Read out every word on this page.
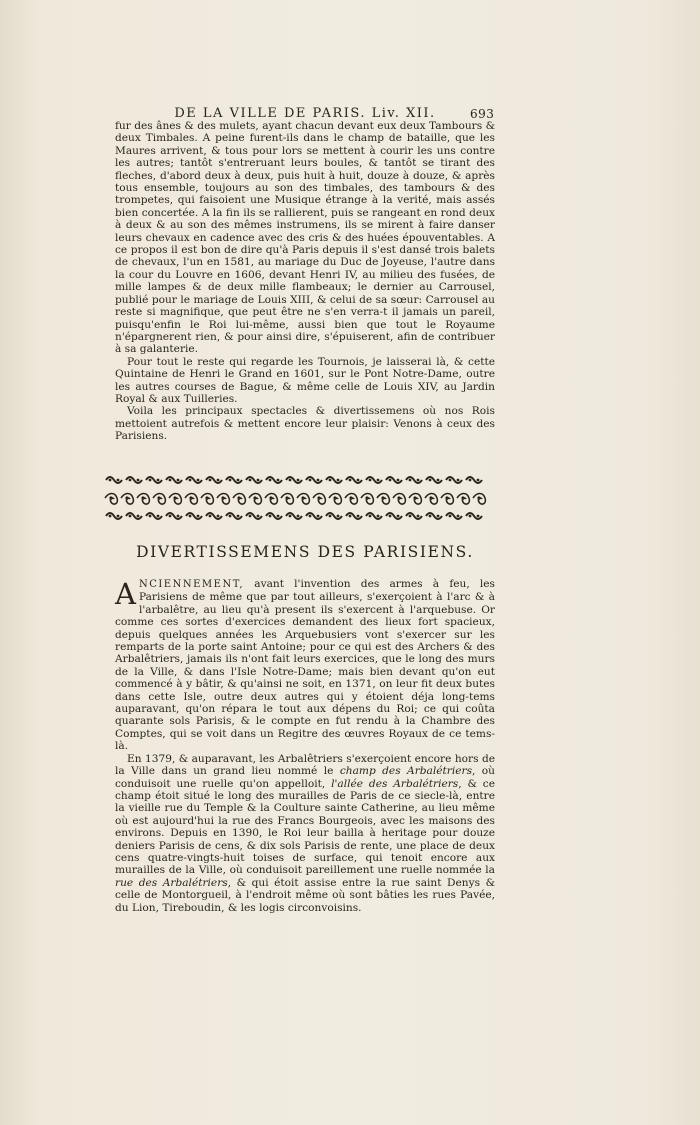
DE LA VILLE DE PARIS. Liv. XII.	693

fur des ânes & des mulets, ayant chacun devant eux deux Tambours & deux Timbales. A peine furent-ils dans le champ de bataille, que les Maures arrivent, & tous pour lors se mettent à courir les uns contre les autres; tantôt s'entreruant leurs boules, & tantôt se tirant des fleches, d'abord deux à deux, puis huit à huit, douze à douze, & après tous ensemble, toujours au son des timbales, des tambours & des trompetes, qui faisoient une Musique étrange à la verité, mais assés bien concertée. A la fin ils se rallierent, puis se rangeant en rond deux à deux & au son des mêmes instrumens, ils se mirent à faire danser leurs chevaux en cadence avec des cris & des huées épouventables. A ce propos il est bon de dire qu'à Paris depuis il s'est dansé trois balets de chevaux, l'un en 1581, au mariage du Duc de Joyeuse, l'autre dans la cour du Louvre en 1606, devant Henri IV, au milieu des fusées, de mille lampes & de deux mille flambeaux; le dernier au Carrousel, publié pour le mariage de Louis XIII, & celui de sa sœur: Carrousel au reste si magnifique, que peut être ne s'en verra-t il jamais un pareil, puisqu'enfin le Roi lui-même, aussi bien que tout le Royaume n'épargnerent rien, & pour ainsi dire, s'épuiserent, afin de contribuer à sa galanterie.

Pour tout le reste qui regarde les Tournois, je laisserai là, & cette Quintaine de Henri le Grand en 1601, sur le Pont Notre-Dame, outre les autres courses de Bague, & même celle de Louis XIV, au Jardin Royal & aux Tuilleries.

Voila les principaux spectacles & divertissemens où nos Rois mettoient autrefois & mettent encore leur plaisir: Venons à ceux des Parisiens.

DIVERTISSEMENS DES PARISIENS.

ANCIENNEMENT, avant l'invention des armes à feu, les Parisiens de même que par tout ailleurs, s'exerçoient à l'arc & à l'arbalêtre, au lieu qu'à present ils s'exercent à l'arquebuse. Or comme ces sortes d'exercices demandent des lieux fort spacieux, depuis quelques années les Arquebusiers vont s'exercer sur les remparts de la porte saint Antoine; pour ce qui est des Archers & des Arbalêtriers, jamais ils n'ont fait leurs exercices, que le long des murs de la Ville, & dans l'Isle Notre-Dame; mais bien devant qu'on eut commencé à y bâtir, & qu'ainsi ne soit, en 1371, on leur fit deux butes dans cette Isle, outre deux autres qui y étoient déja long-tems auparavant, qu'on répara le tout aux dépens du Roi; ce qui coûta quarante sols Parisis, & le compte en fut rendu à la Chambre des Comptes, qui se voit dans un Regitre des œuvres Royaux de ce tems-là.

En 1379, & auparavant, les Arbalêtriers s'exerçoient encore hors de la Ville dans un grand lieu nommé le champ des Arbalétriers, où conduisoit une ruelle qu'on appelloit, l'allée des Arbalétriers, & ce champ étoit situé le long des murailles de Paris de ce siecle-là, entre la vieille rue du Temple & la Coulture sainte Catherine, au lieu même où est aujourd'hui la rue des Francs Bourgeois, avec les maisons des environs. Depuis en 1390, le Roi leur bailla à heritage pour douze deniers Parisis de cens, & dix sols Parisis de rente, une place de deux cens quatre-vingts-huit toises de surface, qui tenoit encore aux murailles de la Ville, où conduisoit pareillement une ruelle nommée la rue des Arbalétriers, & qui étoit assise entre la rue saint Denys & celle de Montorgueil, à l'endroit même où sont bâties les rues Pavée, du Lion, Tireboudin, & les logis circonvoisins.
